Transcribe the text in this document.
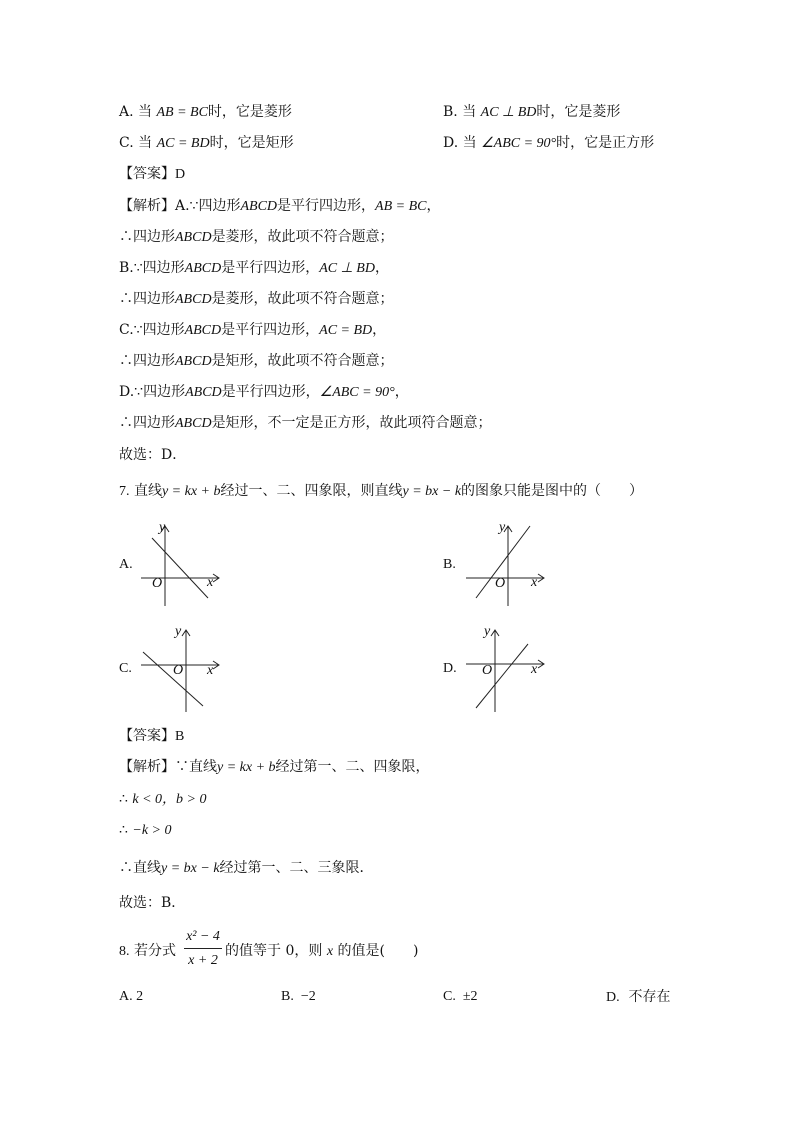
A. 当 AB = BC时，它是菱形	B. 当 AC ⊥ BD时，它是菱形
C. 当 AC = BD时，它是矩形	D. 当 ∠ABC = 90°时，它是正方形
【答案】D
【解析】A.∵四边形ABCD是平行四边形，AB = BC，
∴四边形ABCD是菱形，故此项不符合题意；
B.∵四边形ABCD是平行四边形，AC ⊥ BD，
∴四边形ABCD是菱形，故此项不符合题意；
C.∵四边形ABCD是平行四边形，AC = BD，
∴四边形ABCD是矩形，故此项不符合题意；
D.∵四边形ABCD是平行四边形，∠ABC = 90°，
∴四边形ABCD是矩形，不一定是正方形，故此项符合题意；
故选：D．
7. 直线y = kx + b经过一、二、四象限，则直线y = bx − k的图象只能是图中的（　　）
A.
y
x
O
B.
y
x
O
C.
y
x
O	D.
y
x
O
【答案】B
【解析】∵直线y = kx + b经过第一、二、四象限，
∴ k < 0，b > 0
∴ −k > 0
∴直线y = bx − k经过第一、二、三象限．
故选：B．
8. 若分式
x² − 4
x + 2
的值等于 0，则 x 的值是(　　)
A. 2	B. −2	C. ±2	D. 不存在
